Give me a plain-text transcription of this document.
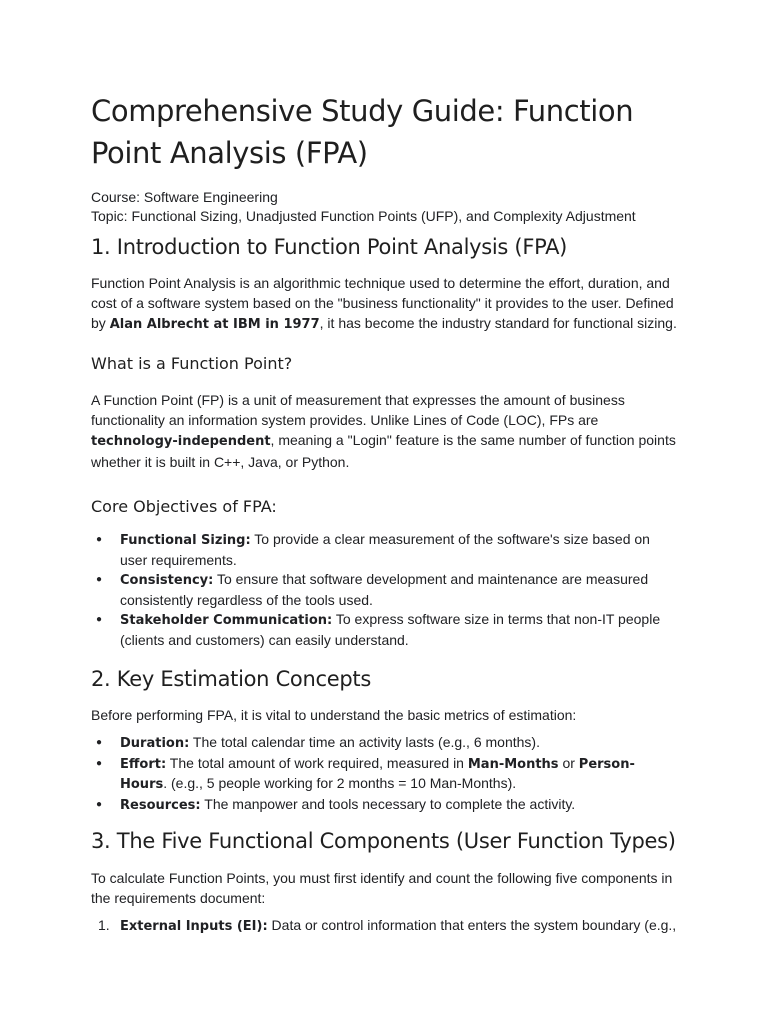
Comprehensive Study Guide: Function Point Analysis (FPA)
Course: Software Engineering
Topic: Functional Sizing, Unadjusted Function Points (UFP), and Complexity Adjustment
1. Introduction to Function Point Analysis (FPA)

Function Point Analysis is an algorithmic technique used to determine the effort, duration, and cost of a software system based on the "business functionality" it provides to the user. Defined by Alan Albrecht at IBM in 1977, it has become the industry standard for functional sizing.

What is a Function Point?

A Function Point (FP) is a unit of measurement that expresses the amount of business functionality an information system provides. Unlike Lines of Code (LOC), FPs are technology-independent, meaning a "Login" feature is the same number of function points whether it is built in C++, Java, or Python.

Core Objectives of FPA:
● Functional Sizing: To provide a clear measurement of the software's size based on user requirements.
● Consistency: To ensure that software development and maintenance are measured consistently regardless of the tools used.
● Stakeholder Communication: To express software size in terms that non-IT people (clients and customers) can easily understand.
2. Key Estimation Concepts

Before performing FPA, it is vital to understand the basic metrics of estimation:

● Duration: The total calendar time an activity lasts (e.g., 6 months).
● Effort: The total amount of work required, measured in Man-Months or Person-Hours. (e.g., 5 people working for 2 months = 10 Man-Months).
● Resources: The manpower and tools necessary to complete the activity.
3. The Five Functional Components (User Function Types)

To calculate Function Points, you must first identify and count the following five components in the requirements document:

1. External Inputs (EI): Data or control information that enters the system boundary (e.g.,
